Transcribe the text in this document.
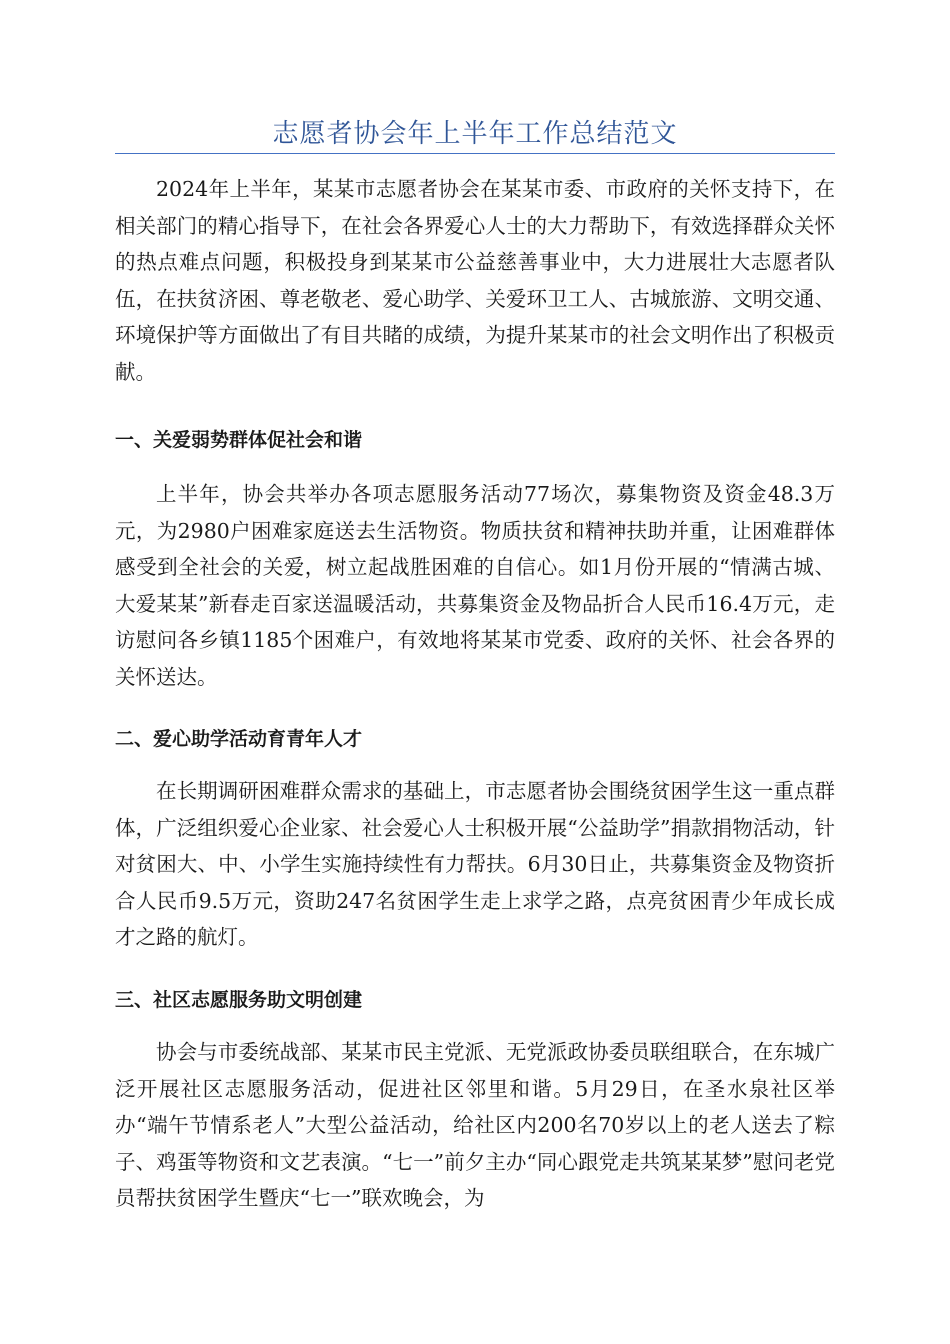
志愿者协会年上半年工作总结范文

2024年上半年，某某市志愿者协会在某某市委、市政府的关怀支持下，在相关部门的精心指导下，在社会各界爱心人士的大力帮助下，有效选择群众关怀的热点难点问题，积极投身到某某市公益慈善事业中，大力进展壮大志愿者队伍，在扶贫济困、尊老敬老、爱心助学、关爱环卫工人、古城旅游、文明交通、环境保护等方面做出了有目共睹的成绩，为提升某某市的社会文明作出了积极贡献。

一、关爱弱势群体促社会和谐

上半年，协会共举办各项志愿服务活动77场次，募集物资及资金48.3万元，为2980户困难家庭送去生活物资。物质扶贫和精神扶助并重，让困难群体感受到全社会的关爱，树立起战胜困难的自信心。如1月份开展的“情满古城、大爱某某”新春走百家送温暖活动，共募集资金及物品折合人民币16.4万元，走访慰问各乡镇1185个困难户，有效地将某某市党委、政府的关怀、社会各界的关怀送达。

二、爱心助学活动育青年人才

在长期调研困难群众需求的基础上，市志愿者协会围绕贫困学生这一重点群体，广泛组织爱心企业家、社会爱心人士积极开展“公益助学”捐款捐物活动，针对贫困大、中、小学生实施持续性有力帮扶。6月30日止，共募集资金及物资折合人民币9.5万元，资助247名贫困学生走上求学之路，点亮贫困青少年成长成才之路的航灯。

三、社区志愿服务助文明创建

协会与市委统战部、某某市民主党派、无党派政协委员联组联合，在东城广泛开展社区志愿服务活动，促进社区邻里和谐。5月29日，在圣水泉社区举办“端午节情系老人”大型公益活动，给社区内200名70岁以上的老人送去了粽子、鸡蛋等物资和文艺表演。“七一”前夕主办“同心跟党走共筑某某梦”慰问老党员帮扶贫困学生暨庆“七一”联欢晚会，为
